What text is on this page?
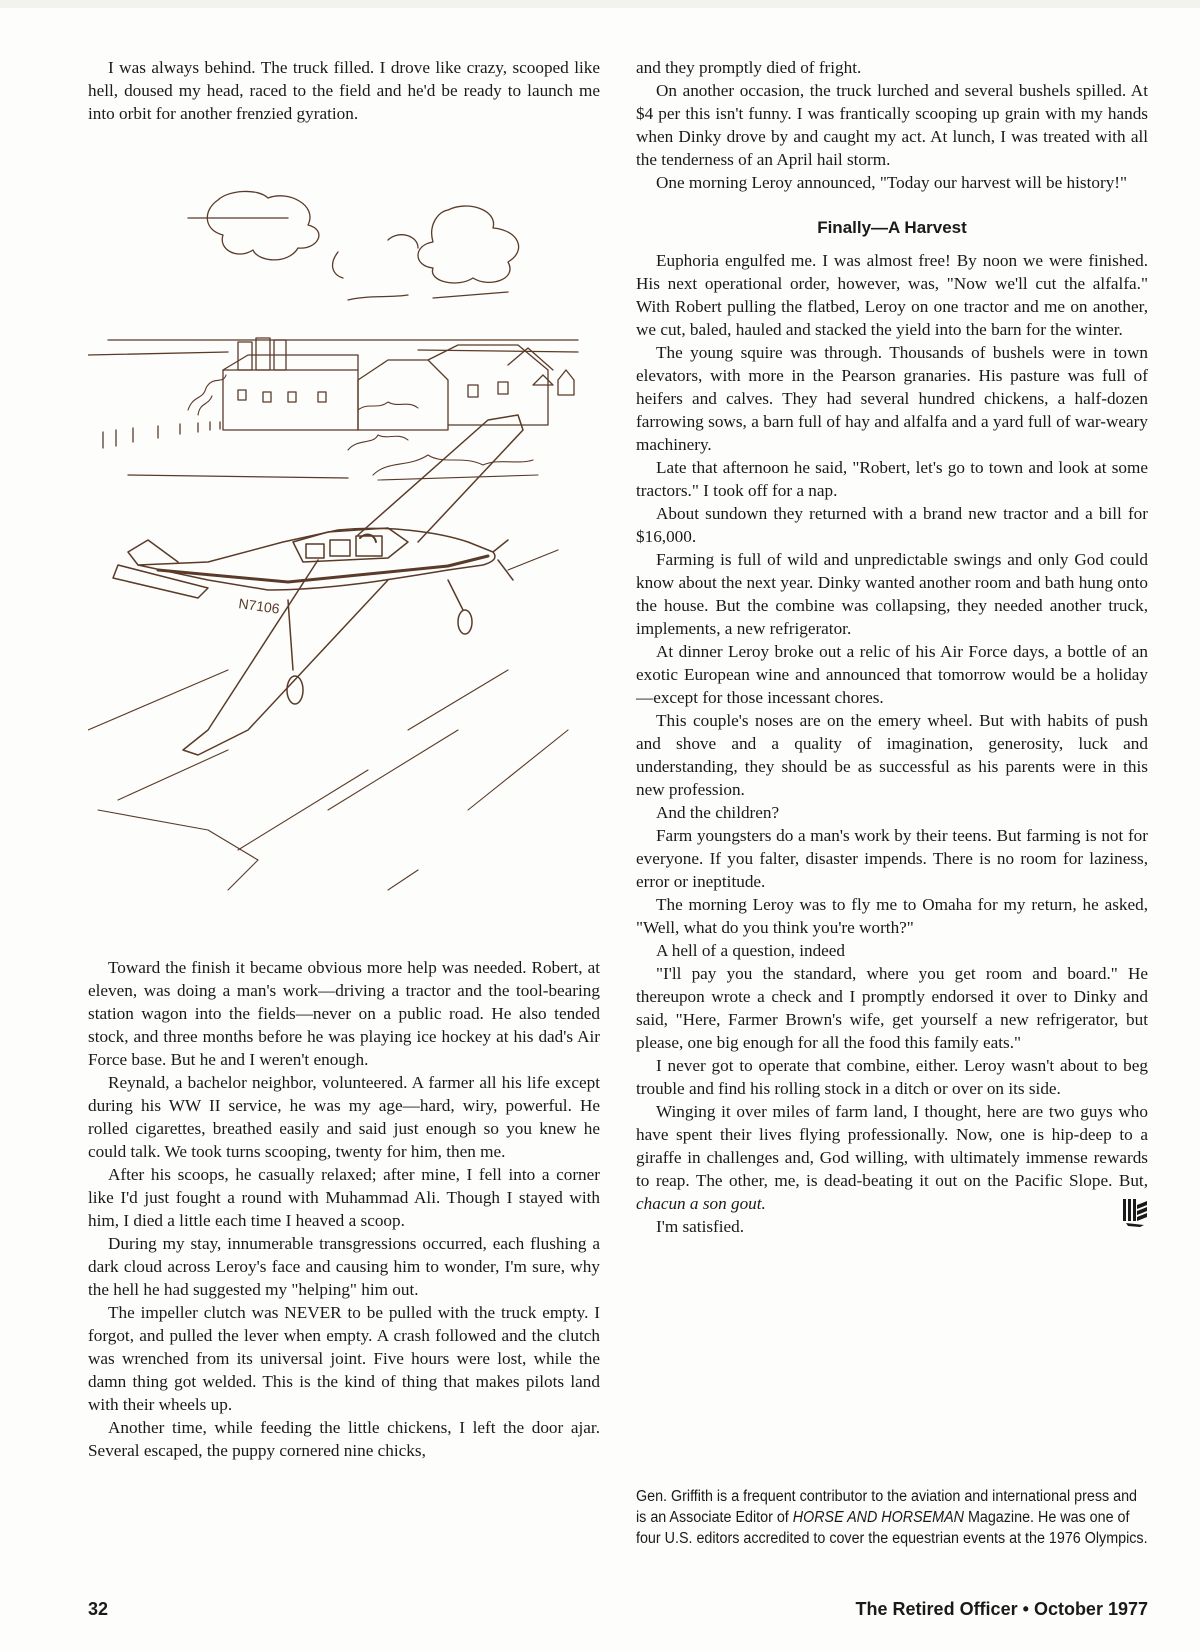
I was always behind. The truck filled. I drove like crazy, scooped like hell, doused my head, raced to the field and he'd be ready to launch me into orbit for another frenzied gyration.

N7106

Toward the finish it became obvious more help was needed. Robert, at eleven, was doing a man's work—driving a tractor and the tool-bearing station wagon into the fields—never on a public road. He also tended stock, and three months before he was playing ice hockey at his dad's Air Force base. But he and I weren't enough.

Reynald, a bachelor neighbor, volunteered. A farmer all his life except during his WW II service, he was my age—hard, wiry, powerful. He rolled cigarettes, breathed easily and said just enough so you knew he could talk. We took turns scooping, twenty for him, then me.

After his scoops, he casually relaxed; after mine, I fell into a corner like I'd just fought a round with Muhammad Ali. Though I stayed with him, I died a little each time I heaved a scoop.

During my stay, innumerable transgressions occurred, each flushing a dark cloud across Leroy's face and causing him to wonder, I'm sure, why the hell he had suggested my "helping" him out.

The impeller clutch was NEVER to be pulled with the truck empty. I forgot, and pulled the lever when empty. A crash followed and the clutch was wrenched from its universal joint. Five hours were lost, while the damn thing got welded. This is the kind of thing that makes pilots land with their wheels up.

Another time, while feeding the little chickens, I left the door ajar. Several escaped, the puppy cornered nine chicks,

and they promptly died of fright.

On another occasion, the truck lurched and several bushels spilled. At $4 per this isn't funny. I was frantically scooping up grain with my hands when Dinky drove by and caught my act. At lunch, I was treated with all the tenderness of an April hail storm.

One morning Leroy announced, "Today our harvest will be history!"

Finally—A Harvest

Euphoria engulfed me. I was almost free! By noon we were finished. His next operational order, however, was, "Now we'll cut the alfalfa." With Robert pulling the flatbed, Leroy on one tractor and me on another, we cut, baled, hauled and stacked the yield into the barn for the winter.

The young squire was through. Thousands of bushels were in town elevators, with more in the Pearson granaries. His pasture was full of heifers and calves. They had several hundred chickens, a half-dozen farrowing sows, a barn full of hay and alfalfa and a yard full of war-weary machinery.

Late that afternoon he said, "Robert, let's go to town and look at some tractors." I took off for a nap.

About sundown they returned with a brand new tractor and a bill for $16,000.

Farming is full of wild and unpredictable swings and only God could know about the next year. Dinky wanted another room and bath hung onto the house. But the combine was collapsing, they needed another truck, implements, a new refrigerator.

At dinner Leroy broke out a relic of his Air Force days, a bottle of an exotic European wine and announced that tomorrow would be a holiday—except for those incessant chores.

This couple's noses are on the emery wheel. But with habits of push and shove and a quality of imagination, generosity, luck and understanding, they should be as successful as his parents were in this new profession.

And the children?

Farm youngsters do a man's work by their teens. But farming is not for everyone. If you falter, disaster impends. There is no room for laziness, error or ineptitude.

The morning Leroy was to fly me to Omaha for my return, he asked, "Well, what do you think you're worth?"

A hell of a question, indeed

"I'll pay you the standard, where you get room and board." He thereupon wrote a check and I promptly endorsed it over to Dinky and said, "Here, Farmer Brown's wife, get yourself a new refrigerator, but please, one big enough for all the food this family eats."

I never got to operate that combine, either. Leroy wasn't about to beg trouble and find his rolling stock in a ditch or over on its side.

Winging it over miles of farm land, I thought, here are two guys who have spent their lives flying professionally. Now, one is hip-deep to a giraffe in challenges and, God willing, with ultimately immense rewards to reap. The other, me, is dead-beating it out on the Pacific Slope. But, chacun a son gout.

I'm satisfied.

Gen. Griffith is a frequent contributor to the aviation and international press and is an Associate Editor of HORSE AND HORSEMAN Magazine. He was one of four U.S. editors accredited to cover the equestrian events at the 1976 Olympics.
32	The Retired Officer • October 1977
